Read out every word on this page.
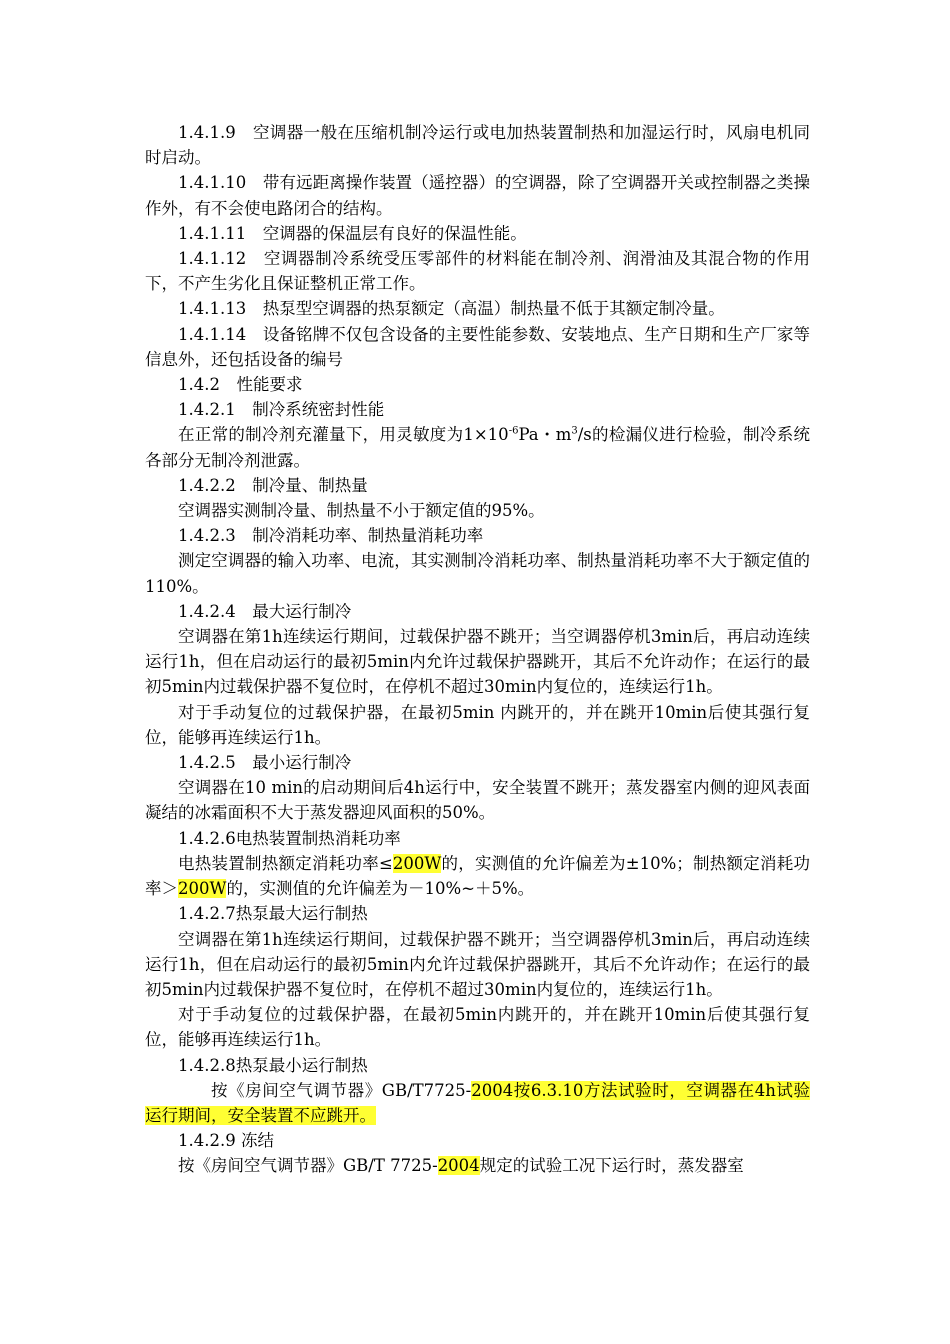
1.4.1.9　空调器一般在压缩机制冷运行或电加热装置制热和加湿运行时，风扇电机同时启动。

1.4.1.10　带有远距离操作装置（遥控器）的空调器，除了空调器开关或控制器之类操作外，有不会使电路闭合的结构。

1.4.1.11　空调器的保温层有良好的保温性能。

1.4.1.12　空调器制冷系统受压零部件的材料能在制冷剂、润滑油及其混合物的作用下，不产生劣化且保证整机正常工作。

1.4.1.13　热泵型空调器的热泵额定（高温）制热量不低于其额定制冷量。

1.4.1.14　设备铭牌不仅包含设备的主要性能参数、安装地点、生产日期和生产厂家等信息外，还包括设备的编号

1.4.2　性能要求

1.4.2.1　制冷系统密封性能

在正常的制冷剂充灌量下，用灵敏度为$1\times 10^{-6}Pa$・$m^3/s$的检漏仪进行检验，制冷系统各部分无制冷剂泄露。

1.4.2.2　制冷量、制热量

空调器实测制冷量、制热量不小于额定值的95%。

1.4.2.3　制冷消耗功率、制热量消耗功率

测定空调器的输入功率、电流，其实测制冷消耗功率、制热量消耗功率不大于额定值的110%。

1.4.2.4　最大运行制冷

空调器在第1h连续运行期间，过载保护器不跳开；当空调器停机3min后，再启动连续运行1h，但在启动运行的最初5min内允许过载保护器跳开，其后不允许动作；在运行的最初5min内过载保护器不复位时，在停机不超过30min内复位的，连续运行1h。

对于手动复位的过载保护器，在最初5min 内跳开的，并在跳开10min后使其强行复位，能够再连续运行1h。

1.4.2.5　最小运行制冷

空调器在10 min的启动期间后4h运行中，安全装置不跳开；蒸发器室内侧的迎风表面凝结的冰霜面积不大于蒸发器迎风面积的50%。

1.4.2.6电热装置制热消耗功率

电热装置制热额定消耗功率≤200W的，实测值的允许偏差为±10%；制热额定消耗功率＞200W的，实测值的允许偏差为－10%~＋5%。

1.4.2.7热泵最大运行制热

空调器在第1h连续运行期间，过载保护器不跳开；当空调器停机3min后，再启动连续运行1h，但在启动运行的最初5min内允许过载保护器跳开，其后不允许动作；在运行的最初5min内过载保护器不复位时，在停机不超过30min内复位的，连续运行1h。

对于手动复位的过载保护器，在最初5min内跳开的，并在跳开10min后使其强行复位，能够再连续运行1h。

1.4.2.8热泵最小运行制热

按《房间空气调节器》GB/T7725-2004按6.3.10方法试验时，空调器在4h试验运行期间，安全装置不应跳开。

1.4.2.9 冻结

按《房间空气调节器》GB/T 7725-2004规定的试验工况下运行时，蒸发器室
